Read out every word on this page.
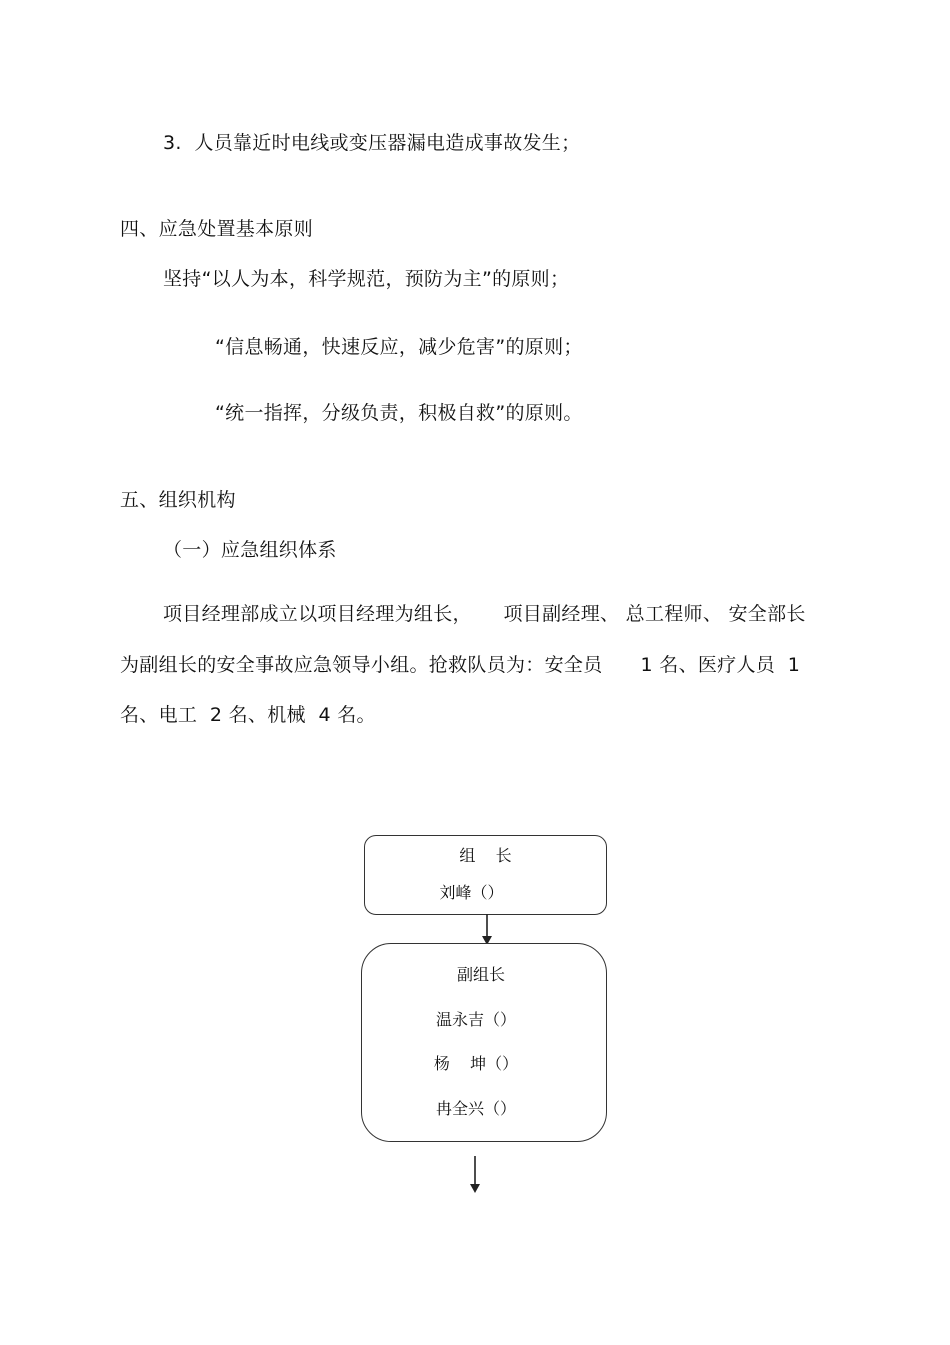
3.  人员靠近时电线或变压器漏电造成事故发生；
四、应急处置基本原则
坚持“以人为本，科学规范，预防为主”的原则；
“信息畅通，快速反应，减少危害”的原则；
“统一指挥，分级负责，积极自救”的原则。
五、组织机构
（一）应急组织体系
项目经理部成立以项目经理为组长，     项目副经理、 总工程师、 安全部长
为副组长的安全事故应急领导小组。抢救队员为：安全员      1 名、医疗人员  1
名、电工  2 名、机械  4 名。
组    长
刘峰（）
副组长
温永吉（）
杨    坤（）
冉全兴（）
